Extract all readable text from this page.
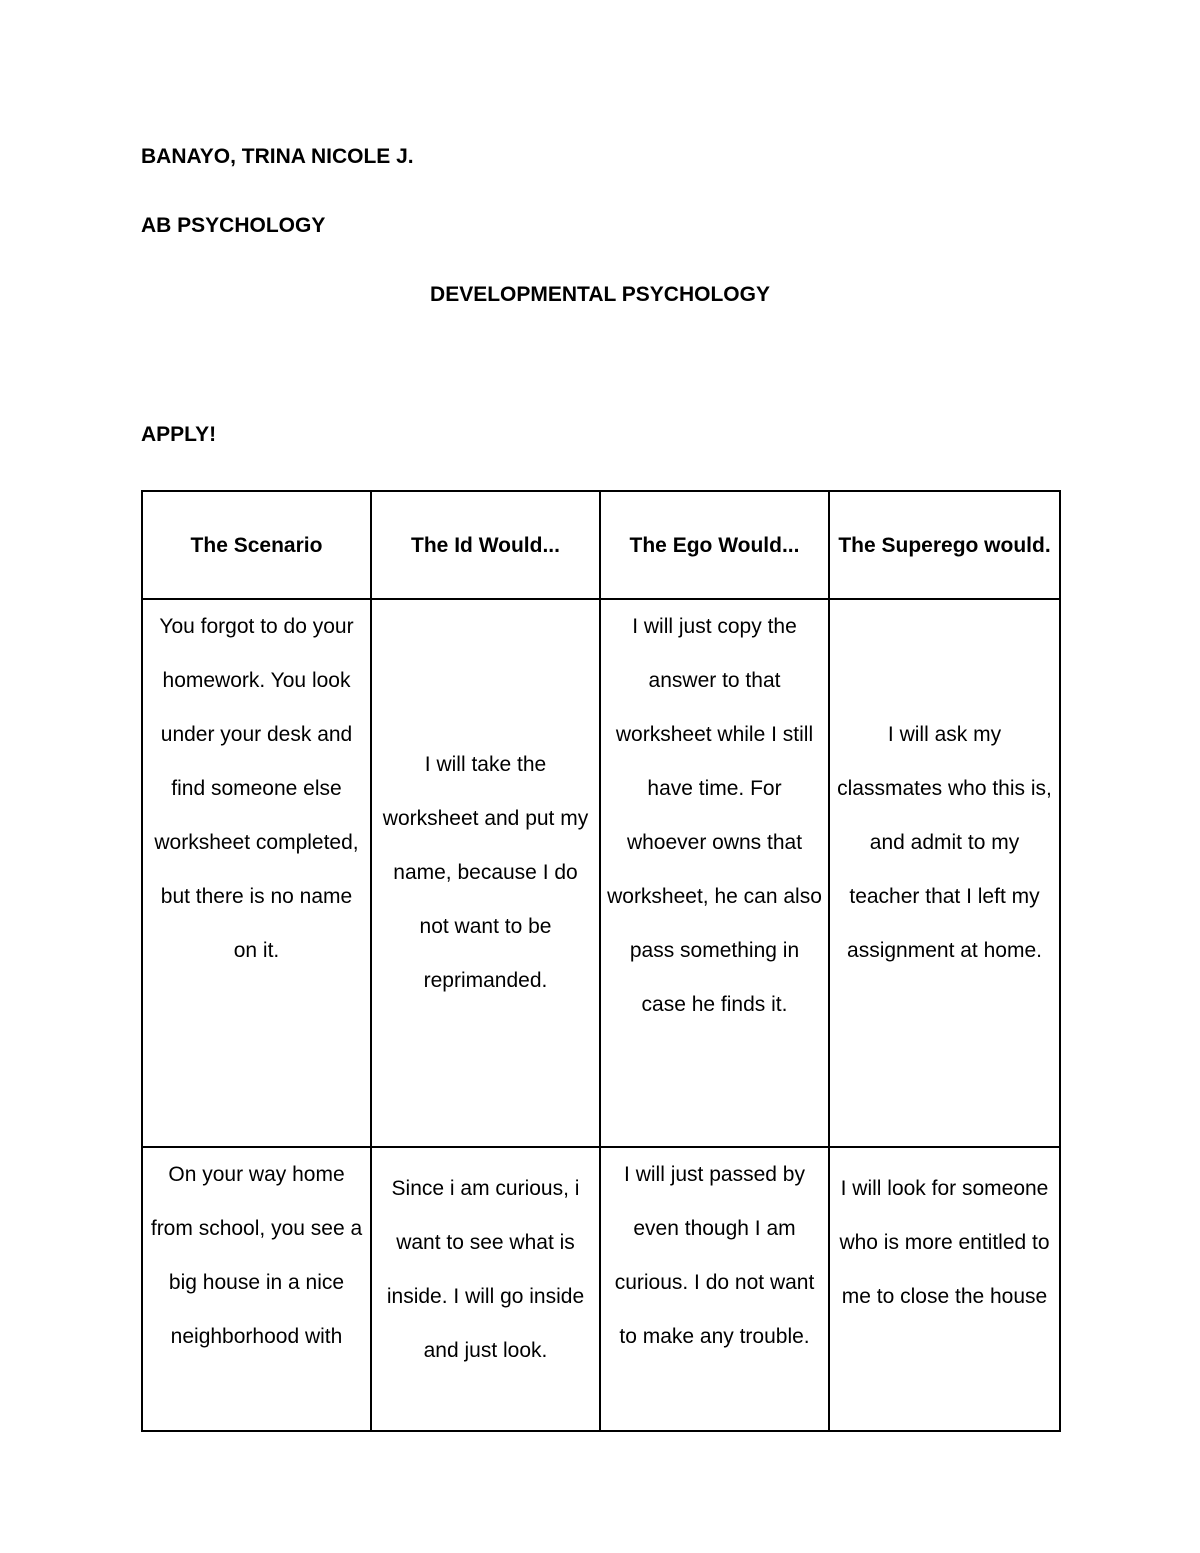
BANAYO, TRINA NICOLE J.
AB PSYCHOLOGY
DEVELOPMENTAL PSYCHOLOGY
APPLY!
The Scenario	The Id Would...	The Ego Would...	The Superego would.
You forgot to do your homework. You look under your desk and find someone else worksheet completed, but there is no name on it.	I will take the worksheet and put my name, because I do not want to be reprimanded.	I will just copy the answer to that worksheet while I still have time. For whoever owns that worksheet, he can also pass something in case he finds it.	I will ask my classmates who this is, and admit to my teacher that I left my assignment at home.
On your way home from school, you see a big house in a nice neighborhood with	Since i am curious, i want to see what is inside. I will go inside and just look.	I will just passed by even though I am curious. I do not want to make any trouble.	I will look for someone who is more entitled to me to close the house
